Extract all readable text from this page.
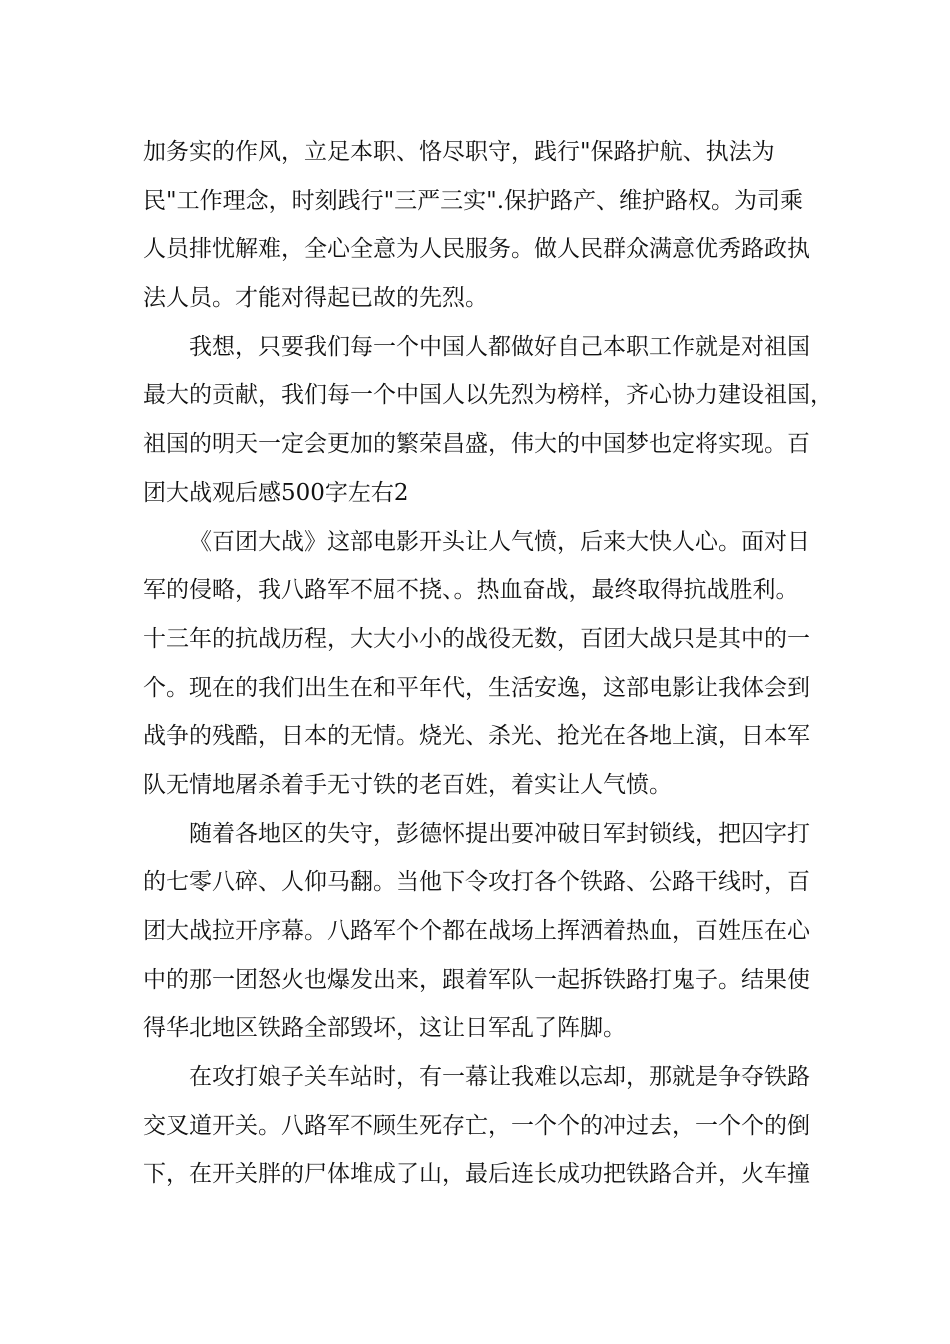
加务实的作风，立足本职、恪尽职守，践行"保路护航、执法为
民"工作理念，时刻践行"三严三实".保护路产、维护路权。为司乘
人员排忧解难，全心全意为人民服务。做人民群众满意优秀路政执
法人员。才能对得起已故的先烈。
我想，只要我们每一个中国人都做好自己本职工作就是对祖国
最大的贡献，我们每一个中国人以先烈为榜样，齐心协力建设祖国，
祖国的明天一定会更加的繁荣昌盛，伟大的中国梦也定将实现。百
团大战观后感500字左右2
《百团大战》这部电影开头让人气愤，后来大快人心。面对日
军的侵略，我八路军不屈不挠、。热血奋战，最终取得抗战胜利。
十三年的抗战历程，大大小小的战役无数，百团大战只是其中的一
个。现在的我们出生在和平年代，生活安逸，这部电影让我体会到
战争的残酷，日本的无情。烧光、杀光、抢光在各地上演，日本军
队无情地屠杀着手无寸铁的老百姓，着实让人气愤。
随着各地区的失守，彭德怀提出要冲破日军封锁线，把囚字打
的七零八碎、人仰马翻。当他下令攻打各个铁路、公路干线时，百
团大战拉开序幕。八路军个个都在战场上挥洒着热血，百姓压在心
中的那一团怒火也爆发出来，跟着军队一起拆铁路打鬼子。结果使
得华北地区铁路全部毁坏，这让日军乱了阵脚。
在攻打娘子关车站时，有一幕让我难以忘却，那就是争夺铁路
交叉道开关。八路军不顾生死存亡，一个个的冲过去，一个个的倒
下，在开关胖的尸体堆成了山，最后连长成功把铁路合并，火车撞
